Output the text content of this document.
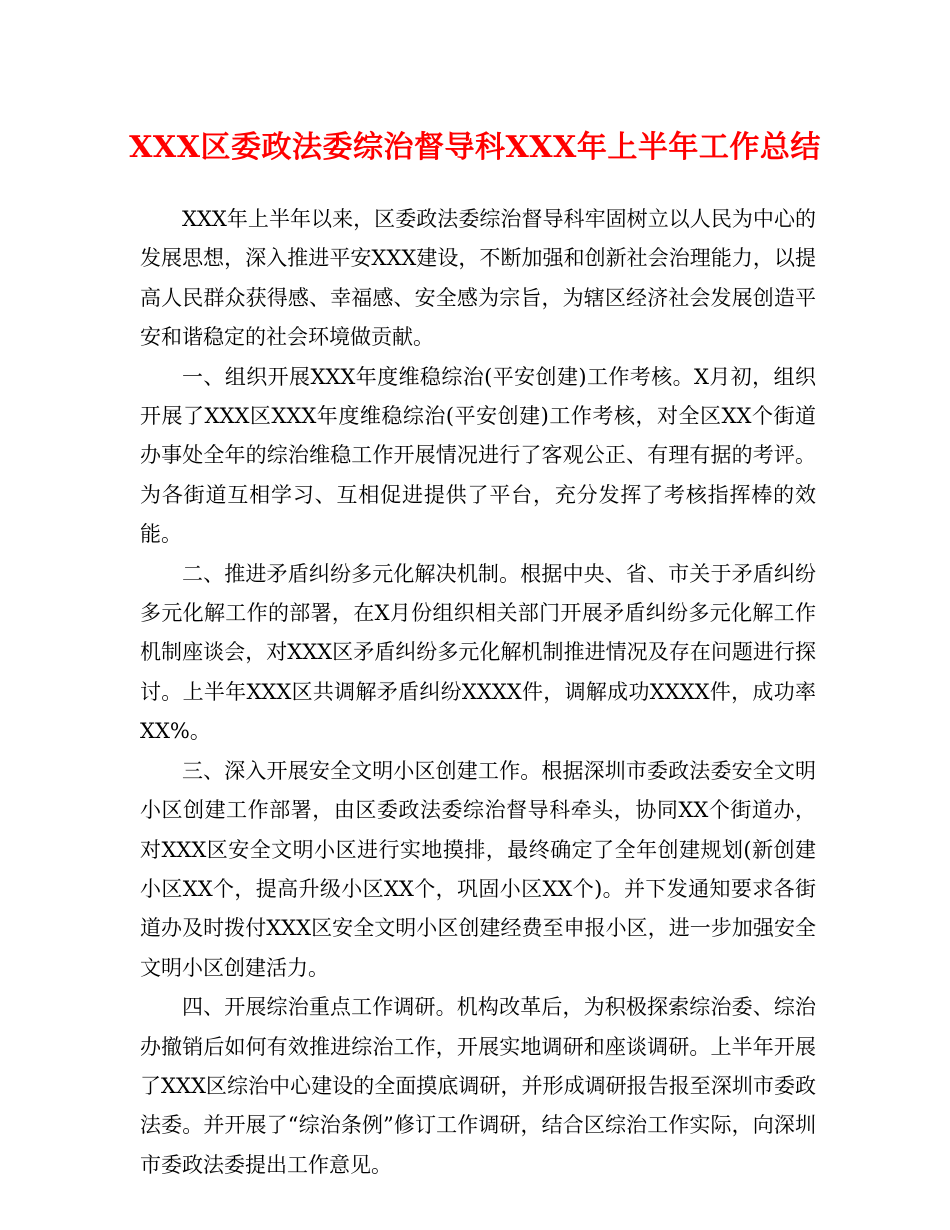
XXX区委政法委综治督导科XXX年上半年工作总结

XXX年上半年以来，区委政法委综治督导科牢固树立以人民为中心的发展思想，深入推进平安XXX建设，不断加强和创新社会治理能力，以提高人民群众获得感、幸福感、安全感为宗旨，为辖区经济社会发展创造平安和谐稳定的社会环境做贡献。

一、组织开展XXX年度维稳综治(平安创建)工作考核。X月初，组织开展了XXX区XXX年度维稳综治(平安创建)工作考核，对全区XX个街道办事处全年的综治维稳工作开展情况进行了客观公正、有理有据的考评。为各街道互相学习、互相促进提供了平台，充分发挥了考核指挥棒的效能。

二、推进矛盾纠纷多元化解决机制。根据中央、省、市关于矛盾纠纷多元化解工作的部署，在X月份组织相关部门开展矛盾纠纷多元化解工作机制座谈会，对XXX区矛盾纠纷多元化解机制推进情况及存在问题进行探讨。上半年XXX区共调解矛盾纠纷XXXX件，调解成功XXXX件，成功率XX%。

三、深入开展安全文明小区创建工作。根据深圳市委政法委安全文明小区创建工作部署，由区委政法委综治督导科牵头，协同XX个街道办，对XXX区安全文明小区进行实地摸排，最终确定了全年创建规划(新创建小区XX个，提高升级小区XX个，巩固小区XX个)。并下发通知要求各街道办及时拨付XXX区安全文明小区创建经费至申报小区，进一步加强安全文明小区创建活力。

四、开展综治重点工作调研。机构改革后，为积极探索综治委、综治办撤销后如何有效推进综治工作，开展实地调研和座谈调研。上半年开展了XXX区综治中心建设的全面摸底调研，并形成调研报告报至深圳市委政法委。并开展了“综治条例”修订工作调研，结合区综治工作实际，向深圳市委政法委提出工作意见。
